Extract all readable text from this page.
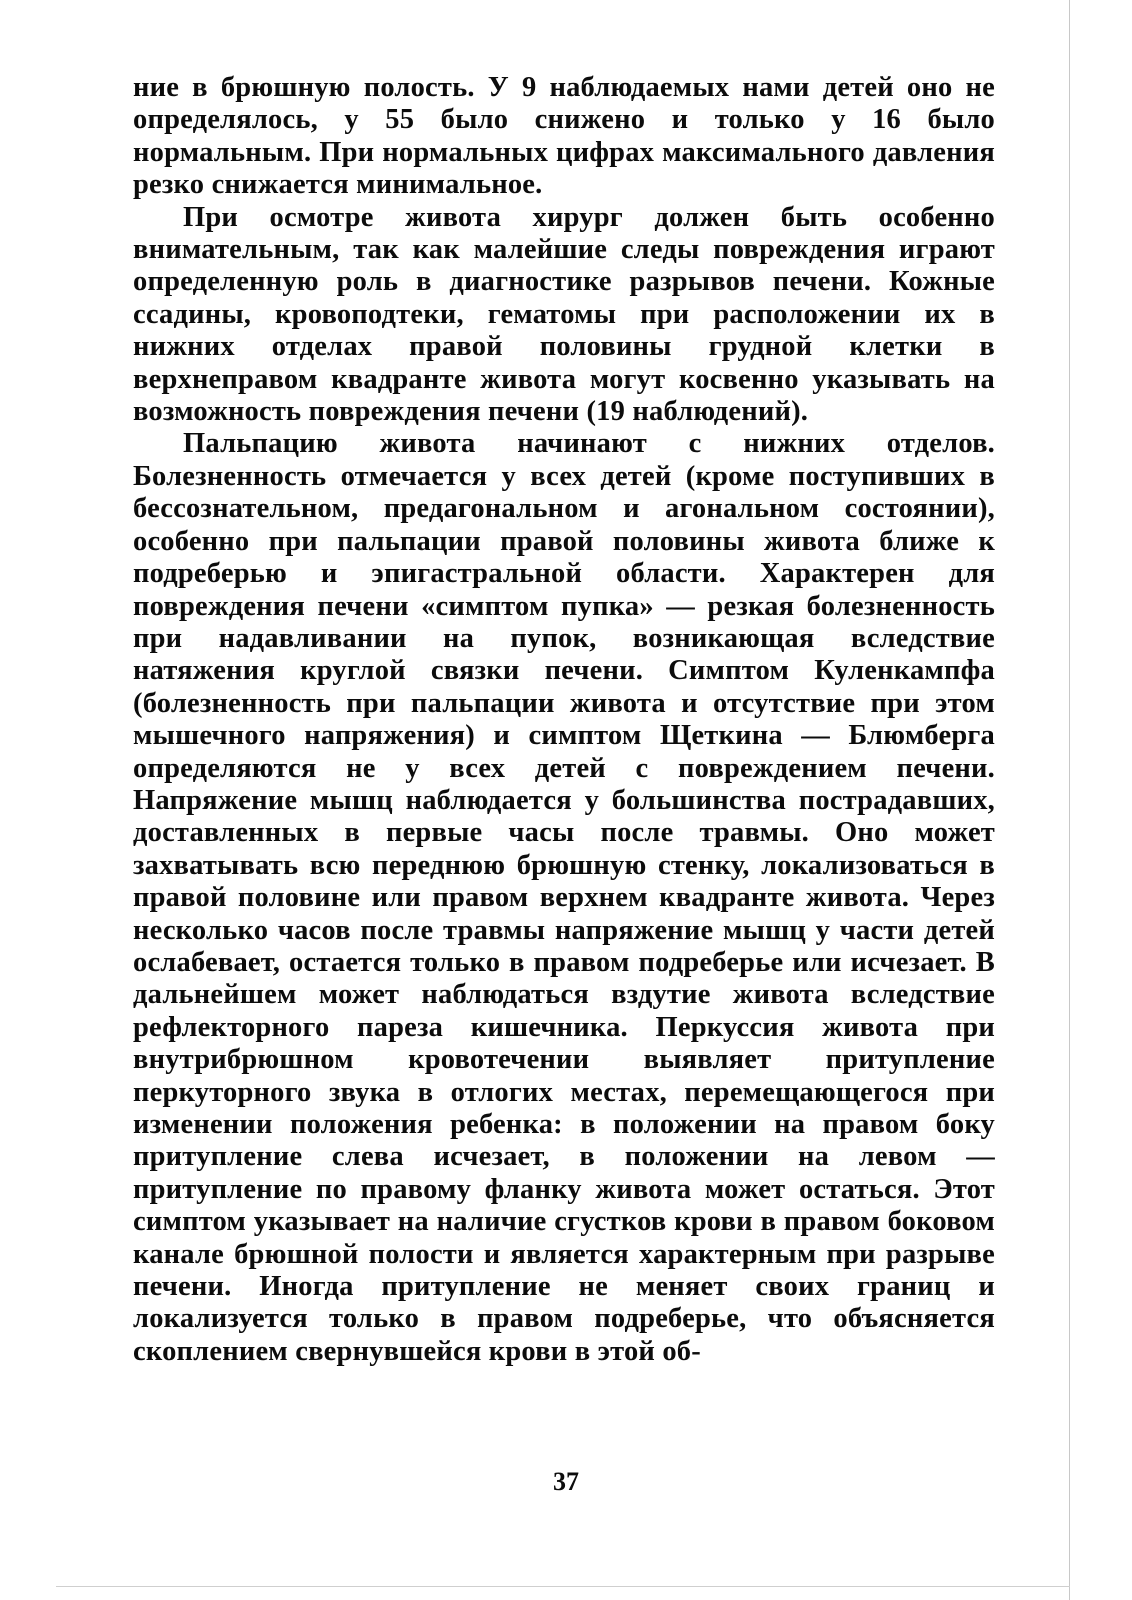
ние в брюшную полость. У 9 наблюдаемых нами детей оно не определялось, у 55 было снижено и только у 16 было нормальным. При нормальных цифрах максимального давления резко снижается минимальное.

При осмотре живота хирург должен быть особенно внимательным, так как малейшие следы повреждения играют определенную роль в диагностике разрывов печени. Кожные ссадины, кровоподтеки, гематомы при расположении их в нижних отделах правой половины грудной клетки в верхнеправом квадранте живота могут косвенно указывать на возможность повреждения печени (19 наблюдений).

Пальпацию живота начинают с нижних отделов. Болезненность отмечается у всех детей (кроме поступивших в бессознательном, предагональном и агональном состоянии), особенно при пальпации правой половины живота ближе к подреберью и эпигастральной области. Характерен для повреждения печени «симптом пупка» — резкая болезненность при надавливании на пупок, возникающая вследствие натяжения круглой связки печени. Симптом Куленкампфа (болезненность при пальпации живота и отсутствие при этом мышечного напряжения) и симптом Щеткина — Блюмберга определяются не у всех детей с повреждением печени. Напряжение мышц наблюдается у большинства пострадавших, доставленных в первые часы после травмы. Оно может захватывать всю переднюю брюшную стенку, локализоваться в правой половине или правом верхнем квадранте живота. Через несколько часов после травмы напряжение мышц у части детей ослабевает, остается только в правом подреберье или исчезает. В дальнейшем может наблюдаться вздутие живота вследствие рефлекторного пареза кишечника. Перкуссия живота при внутрибрюшном кровотечении выявляет притупление перкуторного звука в отлогих местах, перемещающегося при изменении положения ребенка: в положении на правом боку притупление слева исчезает, в положении на левом — притупление по правому фланку живота может остаться. Этот симптом указывает на наличие сгустков крови в правом боковом канале брюшной полости и является характерным при разрыве печени. Иногда притупление не меняет своих границ и локализуется только в правом подреберье, что объясняется скоплением свернувшейся крови в этой об-

37
